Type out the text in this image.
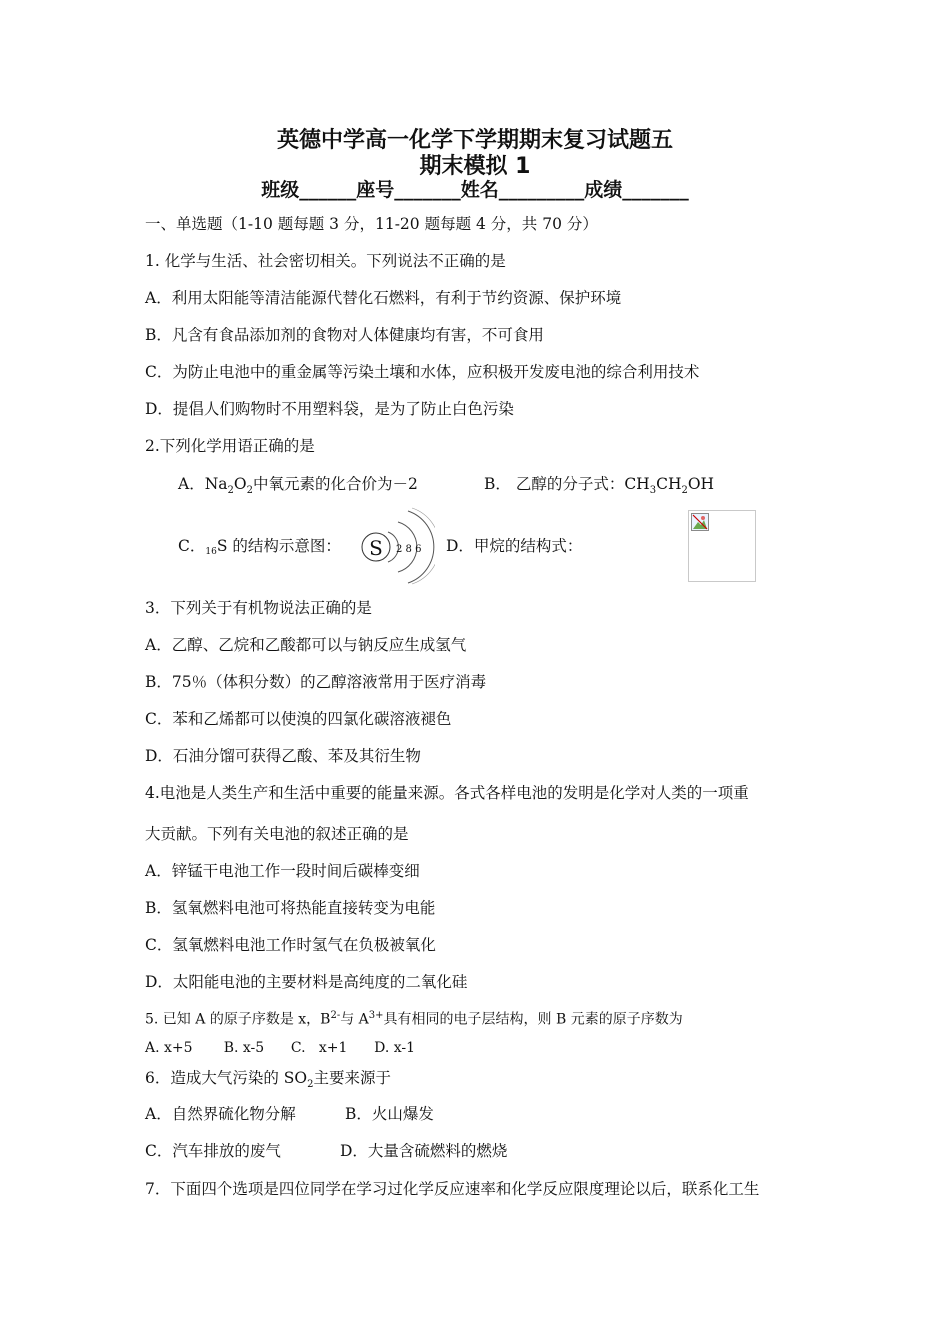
英德中学高一化学下学期期末复习试题五
期末模拟 1
班级______座号_______姓名_________成绩_______
一、单选题（1-10 题每题 3 分，11-20 题每题 4 分，共 70 分）
1. 化学与生活、社会密切相关。下列说法不正确的是
A．利用太阳能等清洁能源代替化石燃料，有利于节约资源、保护环境
B．凡含有食品添加剂的食物对人体健康均有害，不可食用
C．为防止电池中的重金属等污染土壤和水体，应积极开发废电池的综合利用技术
D．提倡人们购物时不用塑料袋，是为了防止白色污染
2.下列化学用语正确的是
A．$Na_2O_2$中氧元素的化合价为－2	B． 乙醇的分子式：$CH_3CH_2OH$
C．16S 的结构示意图： S 2 8 6 D．甲烷的结构式：
3．下列关于有机物说法正确的是
A．乙醇、乙烷和乙酸都可以与钠反应生成氢气
B．75％（体积分数）的乙醇溶液常用于医疗消毒
C．苯和乙烯都可以使溴的四氯化碳溶液褪色
D．石油分馏可获得乙酸、苯及其衍生物
4.电池是人类生产和生活中重要的能量来源。各式各样电池的发明是化学对人类的一项重
大贡献。下列有关电池的叙述正确的是
A．锌锰干电池工作一段时间后碳棒变细
B．氢氧燃料电池可将热能直接转变为电能
C．氢氧燃料电池工作时氢气在负极被氧化
D．太阳能电池的主要材料是高纯度的二氧化硅
5. 已知 A 的原子序数是 x，$B^{2-}$与 $A^{3+}$具有相同的电子层结构，则 B 元素的原子序数为
A. x+5       B. x-5      C.   x+1      D. x-1
6．造成大气污染的 $SO_2$主要来源于
A．自然界硫化物分解          B．火山爆发
C．汽车排放的废气            D．大量含硫燃料的燃烧
7．下面四个选项是四位同学在学习过化学反应速率和化学反应限度理论以后，联系化工生
